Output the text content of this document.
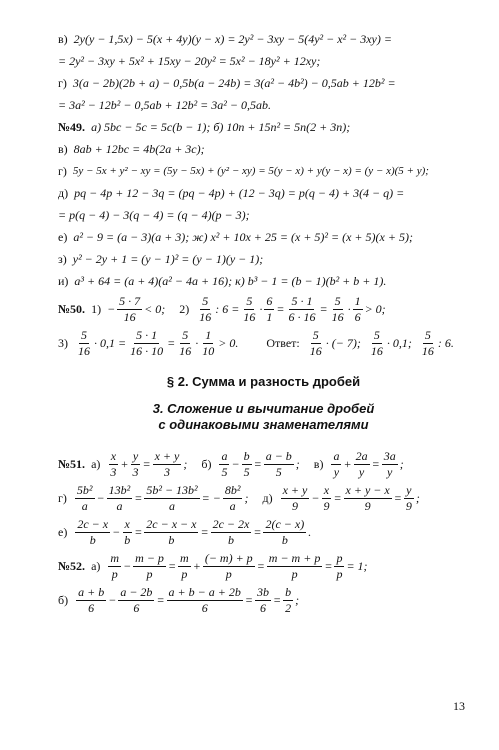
в) 2y(y − 1,5x) − 5(x + 4y)(y − x) = 2y² − 3xy − 5(4y² − x² − 3xy) =
= 2y² − 3xy + 5x² + 15xy − 20y² = 5x² − 18y² + 12xy;
г) 3(a − 2b)(2b + a) − 0,5b(a − 24b) = 3(a² − 4b²) − 0,5ab + 12b² =
= 3a² − 12b² − 0,5ab + 12b² = 3a² − 0,5ab.
№49. а) 5bc − 5c = 5c(b − 1); б) 10n + 15n² = 5n(2 + 3n);
в) 8ab + 12bc = 4b(2a + 3c);
г) 5y − 5x + y² − xy = (5y − 5x) + (y² − xy) = 5(y − x) + y(y − x) = (y − x)(5 + y);
д) pq − 4p + 12 − 3q = (pq − 4p) + (12 − 3q) = p(q − 4) + 3(4 − q) =
= p(q − 4) − 3(q − 4) = (q − 4)(p − 3);
е) a² − 9 = (a − 3)(a + 3); ж) x² + 10x + 25 = (x + 5)² = (x + 5)(x + 5);
з) y² − 2y + 1 = (y − 1)² = (y − 1)(y − 1);
и) a³ + 64 = (a + 4)(a² − 4a + 16); к) b³ − 1 = (b − 1)(b² + b + 1).
№50. $1) - \frac{5 \cdot 7}{16} < 0$; $2) \frac{5}{16}$ : $6 = \frac{5}{16} \cdot \frac{6}{1} = \frac{5 \cdot 1}{6 \cdot 16} = \frac{5}{16} \cdot \frac{1}{6} > 0$;
$3) \frac{5}{16} \cdot 0,1 = \frac{5 \cdot 1}{16 \cdot 10} = \frac{5}{16} \cdot \frac{1}{10} > 0$. Ответ: $\frac{5}{16}$ · (− 7); $\frac{5}{16} \cdot 0,1$; $\frac{5}{16}$ : 6.
§ 2. Сумма и разность дробей
3. Сложение и вычитание дробей
с одинаковыми знаменателями
№51. $а) \frac{x}{3} + \frac{y}{3} = \frac{x + y}{3}$ ; $б) \frac{a}{5} - \frac{b}{5} = \frac{a - b}{5}$ ; $в) \frac{a}{y} + \frac{2a}{y} = \frac{3a}{y}$ ;
$г) \frac{\text{5b²}}{a} - \frac{\text{13b²}}{a} = \frac{\text{5b² − 13b²}}{a}$ = − $\frac{\text{8b²}}{a}$ ; $д) \frac{x + y}{9} - \frac{x}{9} = \frac{x + y - x}{9} = \frac{y}{9}$ ;
$е) \frac{2c - x}{b} - \frac{x}{b} = \frac{2c - x - x}{b} = \frac{2c - 2x}{b} = \frac{2(c - x)}{b}$ .
№52. $а) \frac{m}{p} - \frac{m - p}{p} = \frac{m}{p} + \frac{(- m) + p}{p} = \frac{m - m + p}{p} = \frac{p}{p} = 1$;
$б) \frac{a + b}{6} - \frac{a - 2b}{6} = \frac{a + b - a + 2b}{6} = \frac{3b}{6} = \frac{b}{2}$ ;
13
